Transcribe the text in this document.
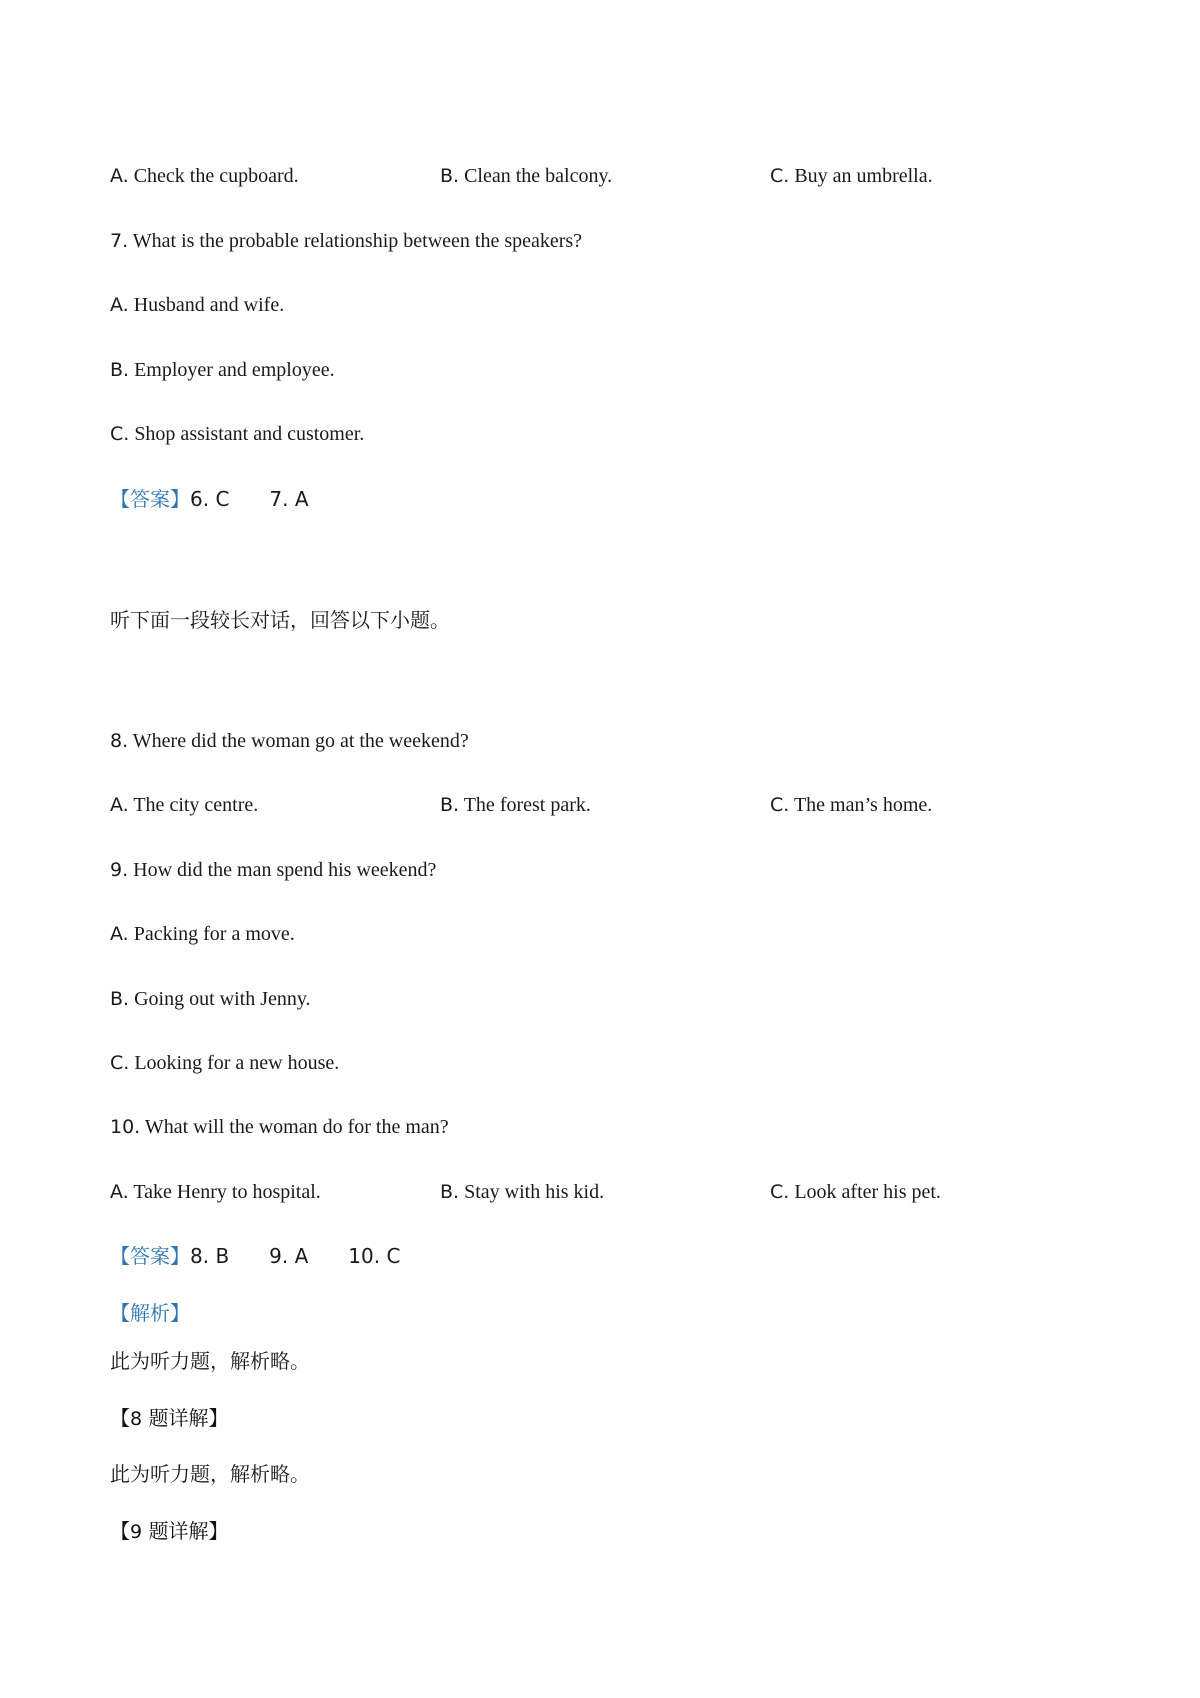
A. Check the cupboard.	B. Clean the balcony.	C. Buy an umbrella.
7. What is the probable relationship between the speakers?
A. Husband and wife.
B. Employer and employee.
C. Shop assistant and customer.
【答案】6. C 7. A
听下面一段较长对话，回答以下小题。
8. Where did the woman go at the weekend?
A. The city centre.	B. The forest park.	C. The man’s home.
9. How did the man spend his weekend?
A. Packing for a move.
B. Going out with Jenny.
C. Looking for a new house.
10. What will the woman do for the man?
A. Take Henry to hospital.	B. Stay with his kid.	C. Look after his pet.
【答案】8. B 9. A 10. C
【解析】
此为听力题，解析略。
【8 题详解】
此为听力题，解析略。
【9 题详解】
